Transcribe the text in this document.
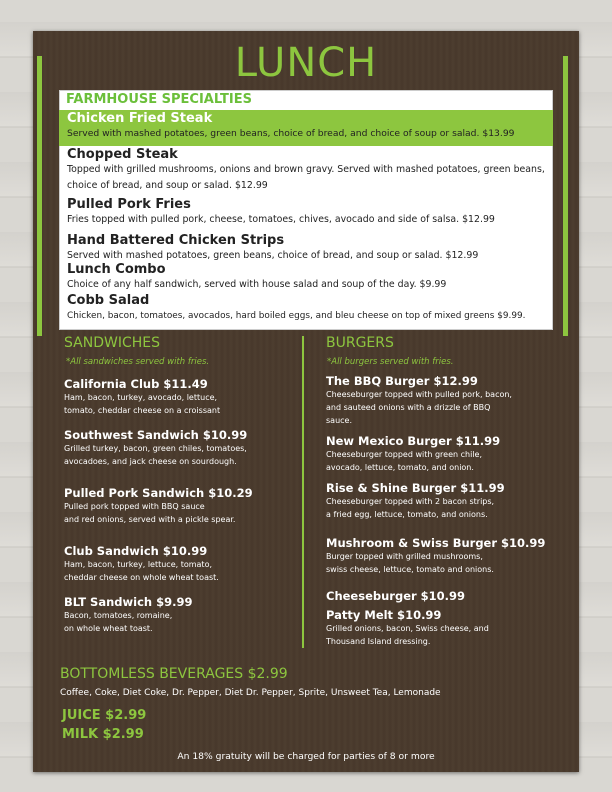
LUNCH
FARMHOUSE SPECIALTIES
Chicken Fried Steak
Served with mashed potatoes, green beans, choice of bread, and choice of soup or salad. $13.99
Chopped Steak
Topped with grilled mushrooms, onions and brown gravy. Served with mashed potatoes, green beans, choice of bread, and soup or salad. $12.99
Pulled Pork Fries
Fries topped with pulled pork, cheese, tomatoes, chives, avocado and side of salsa. $12.99
Hand Battered Chicken Strips
Served with mashed potatoes, green beans, choice of bread, and soup or salad. $12.99
Lunch Combo
Choice of any half sandwich, served with house salad and soup of the day. $9.99
Cobb Salad
Chicken, bacon, tomatoes, avocados, hard boiled eggs, and bleu cheese on top of mixed greens $9.99.
SANDWICHES
*All sandwiches served with fries.
California Club $11.49
Ham, bacon, turkey, avocado, lettuce,
tomato, cheddar cheese on a croissant
Southwest Sandwich $10.99
Grilled turkey, bacon, green chiles, tomatoes,
avocadoes, and jack cheese on sourdough.
Pulled Pork Sandwich $10.29
Pulled pork topped with BBQ sauce
and red onions, served with a pickle spear.
Club Sandwich $10.99
Ham, bacon, turkey, lettuce, tomato,
cheddar cheese on whole wheat toast.
BLT Sandwich $9.99
Bacon, tomatoes, romaine,
on whole wheat toast.
BURGERS
*All burgers served with fries.
The BBQ Burger $12.99
Cheeseburger topped with pulled pork, bacon,
and sauteed onions with a drizzle of BBQ
sauce.
New Mexico Burger $11.99
Cheeseburger topped with green chile,
avocado, lettuce, tomato, and onion.
Rise & Shine Burger $11.99
Cheeseburger topped with 2 bacon strips,
a fried egg, lettuce, tomato, and onions.
Mushroom & Swiss Burger $10.99
Burger topped with grilled mushrooms,
swiss cheese, lettuce, tomato and onions.
Cheeseburger $10.99
Patty Melt $10.99
Grilled onions, bacon, Swiss cheese, and
Thousand Island dressing.
BOTTOMLESS BEVERAGES $2.99
Coffee, Coke, Diet Coke, Dr. Pepper, Diet Dr. Pepper, Sprite, Unsweet Tea, Lemonade
JUICE $2.99
MILK $2.99
An 18% gratuity will be charged for parties of 8 or more
